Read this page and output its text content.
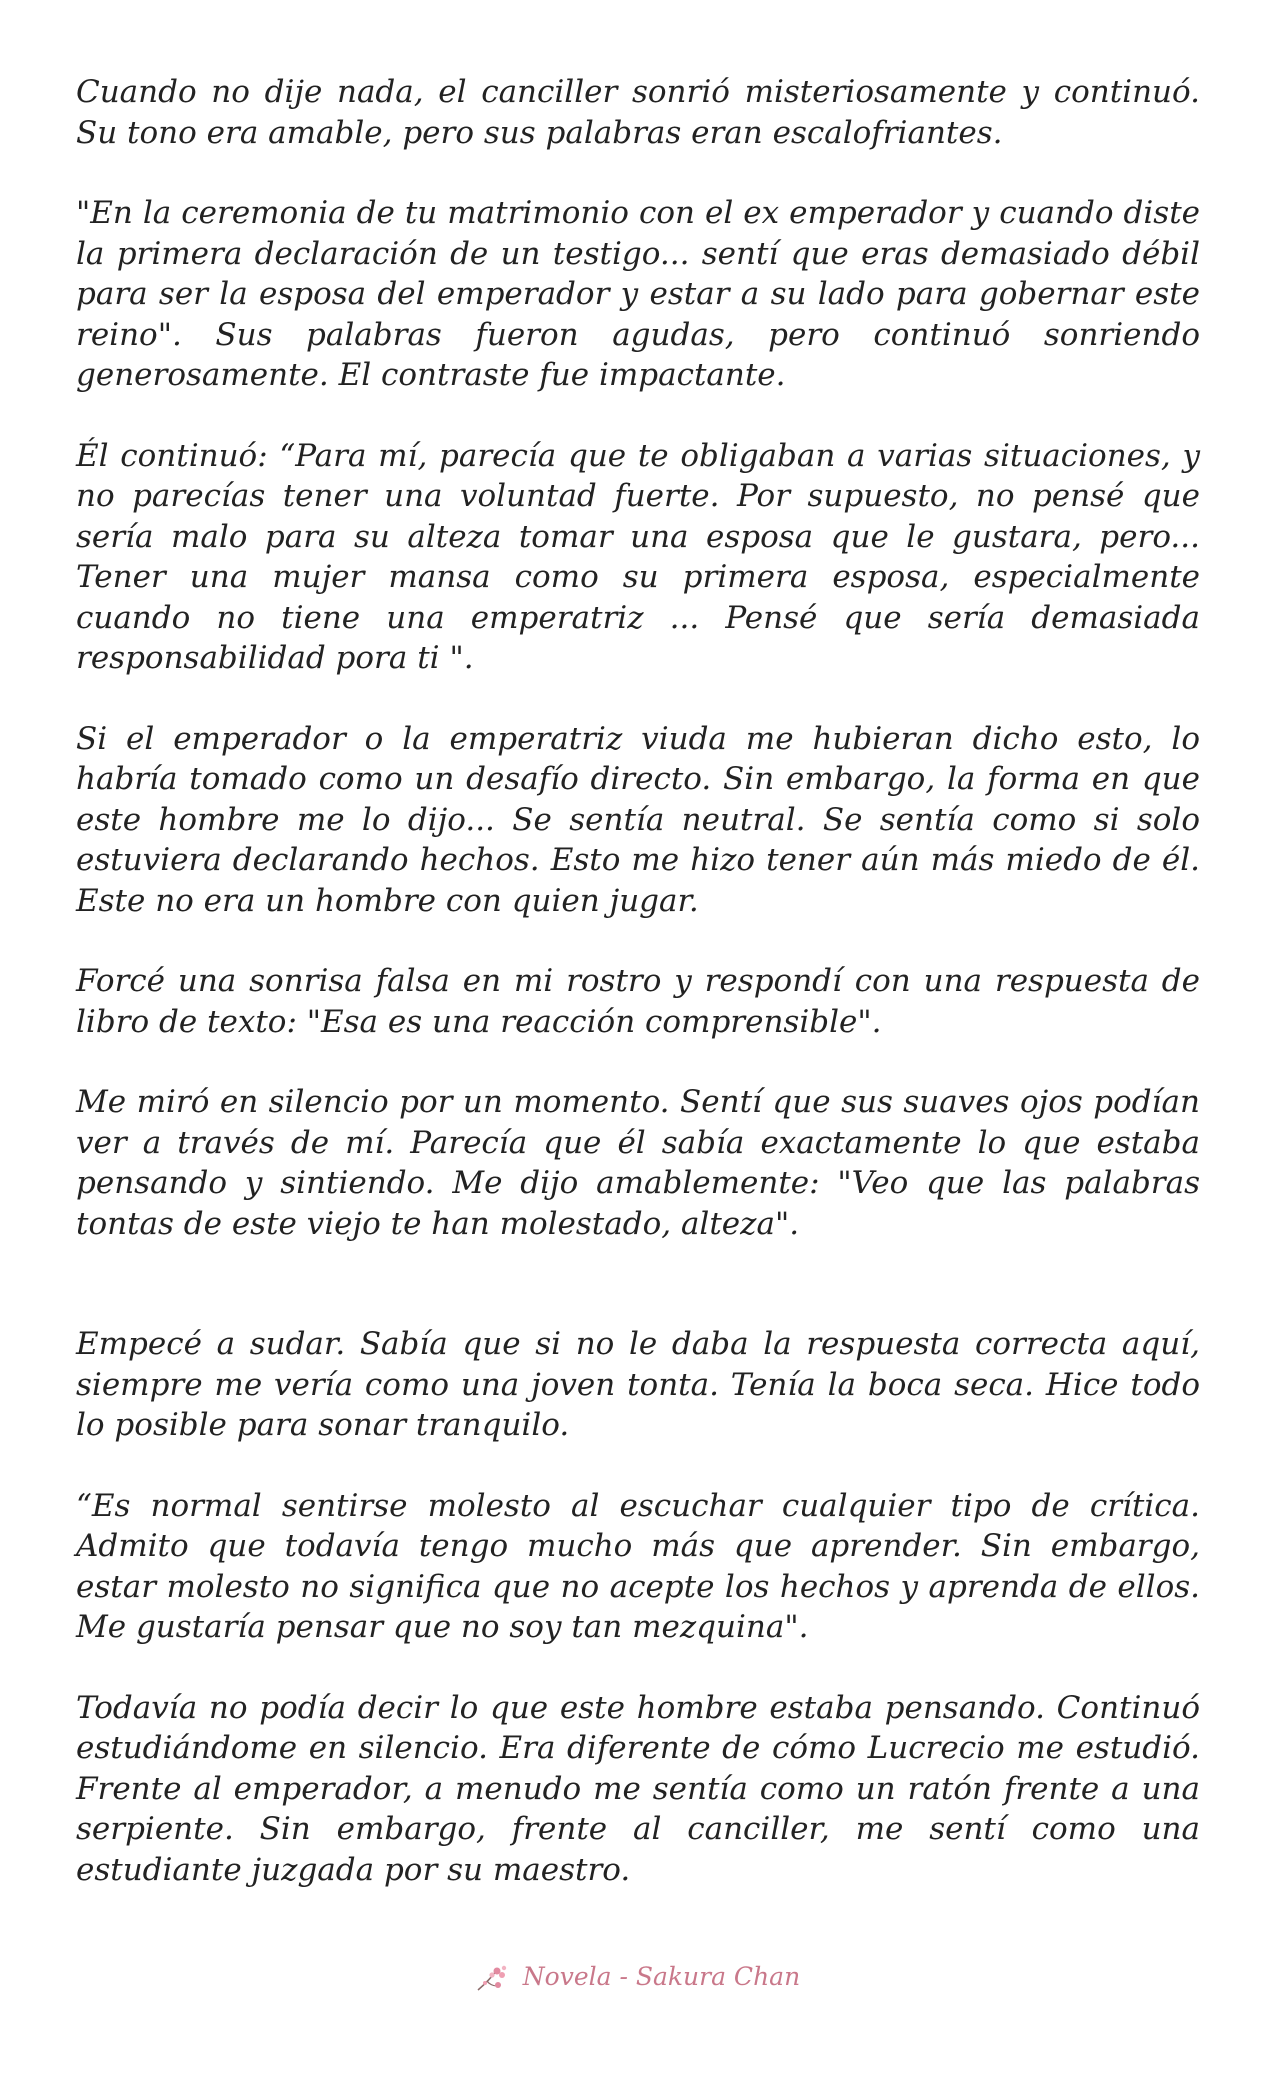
Cuando no dije nada, el canciller sonrió misteriosamente y continuó. Su tono era amable, pero sus palabras eran escalofriantes.

"En la ceremonia de tu matrimonio con el ex emperador y cuando diste la primera declaración de un testigo... sentí que eras demasiado débil para ser la esposa del emperador y estar a su lado para gobernar este reino". Sus palabras fueron agudas, pero continuó sonriendo generosamente. El contraste fue impactante.

Él continuó: “Para mí, parecía que te obligaban a varias situaciones, y no parecías tener una voluntad fuerte. Por supuesto, no pensé que sería malo para su alteza tomar una esposa que le gustara, pero... Tener una mujer mansa como su primera esposa, especialmente cuando no tiene una emperatriz ... Pensé que sería demasiada responsabilidad pora ti ".

Si el emperador o la emperatriz viuda me hubieran dicho esto, lo habría tomado como un desafío directo. Sin embargo, la forma en que este hombre me lo dijo... Se sentía neutral. Se sentía como si solo estuviera declarando hechos. Esto me hizo tener aún más miedo de él. Este no era un hombre con quien jugar.

Forcé una sonrisa falsa en mi rostro y respondí con una respuesta de libro de texto: "Esa es una reacción comprensible".

Me miró en silencio por un momento. Sentí que sus suaves ojos podían ver a través de mí. Parecía que él sabía exactamente lo que estaba pensando y sintiendo. Me dijo amablemente: "Veo que las palabras tontas de este viejo te han molestado, alteza".

Empecé a sudar. Sabía que si no le daba la respuesta correcta aquí, siempre me vería como una joven tonta. Tenía la boca seca. Hice todo lo posible para sonar tranquilo.

“Es normal sentirse molesto al escuchar cualquier tipo de crítica. Admito que todavía tengo mucho más que aprender. Sin embargo, estar molesto no significa que no acepte los hechos y aprenda de ellos. Me gustaría pensar que no soy tan mezquina".

Todavía no podía decir lo que este hombre estaba pensando. Continuó estudiándome en silencio. Era diferente de cómo Lucrecio me estudió. Frente al emperador, a menudo me sentía como un ratón frente a una serpiente. Sin embargo, frente al canciller, me sentí como una estudiante juzgada por su maestro.

Novela - Sakura Chan
